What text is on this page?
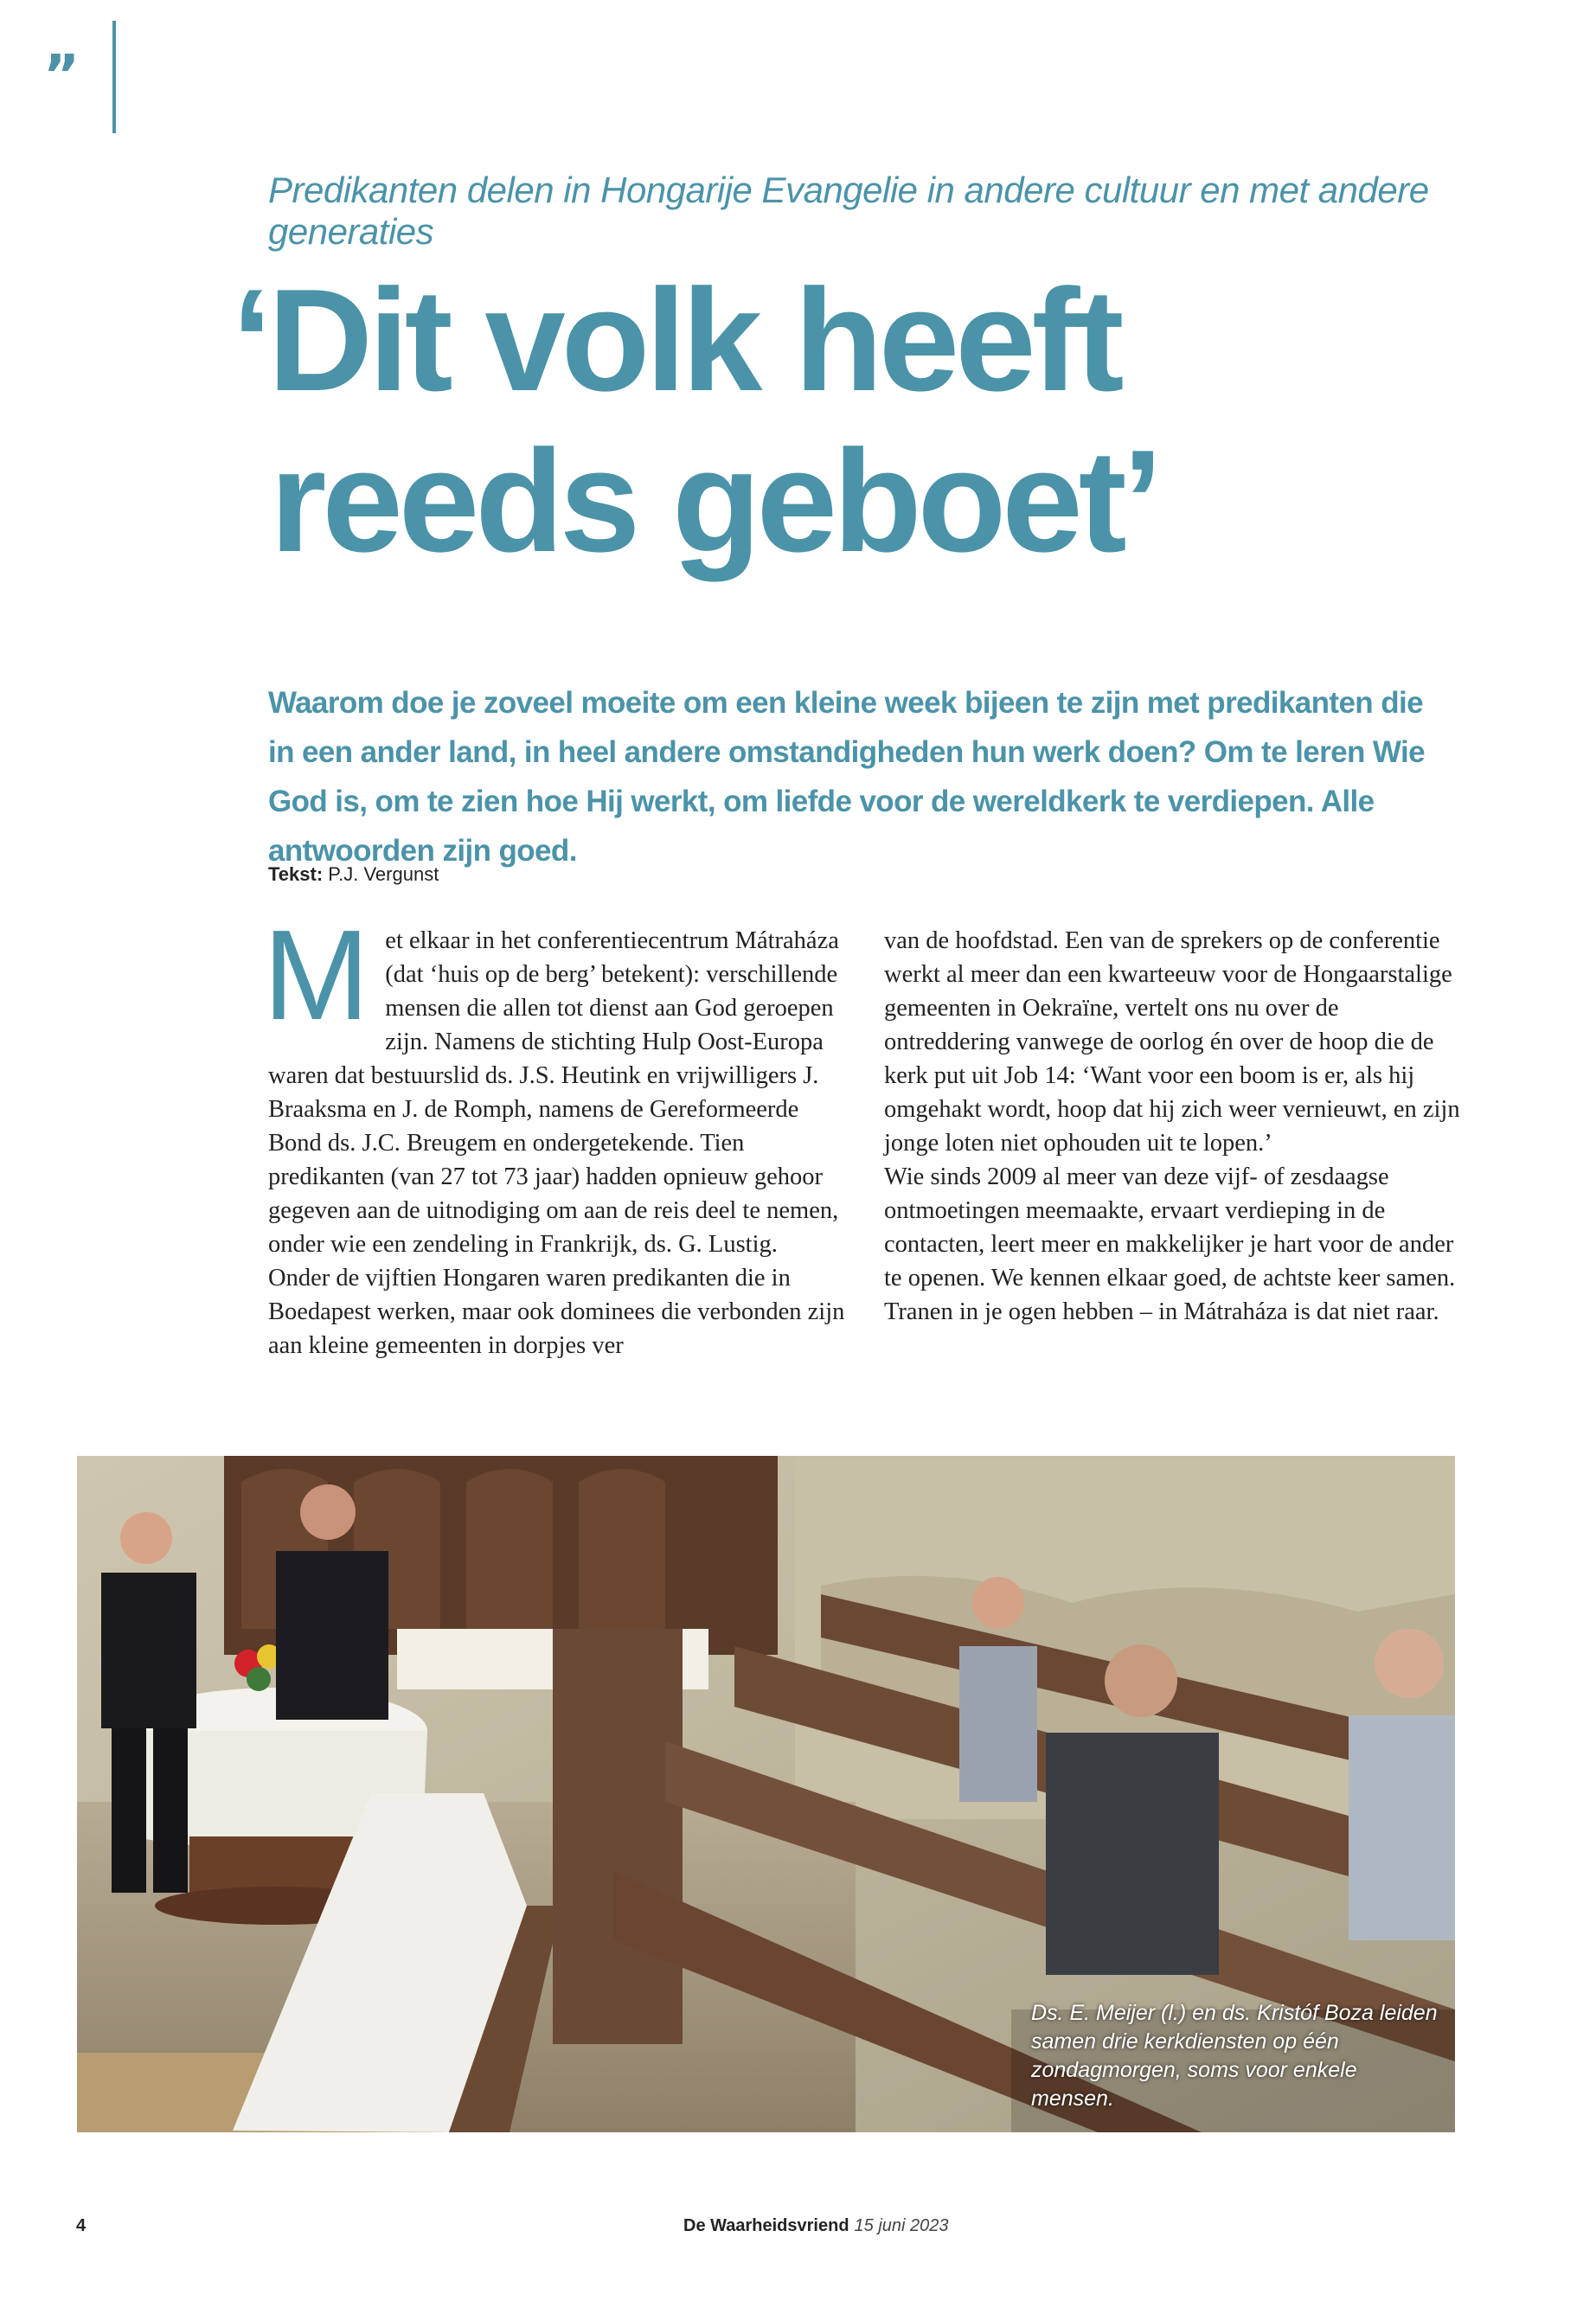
”
Predikanten delen in Hongarije Evangelie in andere cultuur en met andere generaties
‘Dit volk heeft
reeds geboet’
Waarom doe je zoveel moeite om een kleine week bijeen te zijn met predikanten die in een ander land, in heel andere omstandigheden hun werk doen? Om te leren Wie God is, om te zien hoe Hij werkt, om liefde voor de wereldkerk te verdiepen. Alle antwoorden zijn goed.
Tekst: P.J. Vergunst

Met elkaar in het conferentiecentrum Mátraháza (dat ‘huis op de berg’ betekent): verschillende mensen die allen tot dienst aan God geroepen zijn. Namens de stichting Hulp Oost-Europa waren dat bestuurslid ds. J.S. Heutink en vrijwilligers J. Braaksma en J. de Romph, namens de Gereformeerde Bond ds. J.C. Breugem en ondergetekende. Tien predikanten (van 27 tot 73 jaar) hadden opnieuw gehoor gegeven aan de uitnodiging om aan de reis deel te nemen, onder wie een zendeling in Frankrijk, ds. G. Lustig.

Onder de vijftien Hongaren waren predikanten die in Boedapest werken, maar ook dominees die verbonden zijn aan kleine gemeenten in dorpjes ver

van de hoofdstad. Een van de sprekers op de conferentie werkt al meer dan een kwarteeuw voor de Hongaarstalige gemeenten in Oekraïne, vertelt ons nu over de ontreddering vanwege de oorlog én over de hoop die de kerk put uit Job 14: ‘Want voor een boom is er, als hij omgehakt wordt, hoop dat hij zich weer vernieuwt, en zijn jonge loten niet ophouden uit te lopen.’

Wie sinds 2009 al meer van deze vijf- of zesdaagse ontmoetingen meemaakte, ervaart verdieping in de contacten, leert meer en makkelijker je hart voor de ander te openen. We kennen elkaar goed, de achtste keer samen. Tranen in je ogen hebben – in Mátraháza is dat niet raar.

Ds. E. Meijer (l.) en ds. Kristóf Boza leiden samen drie kerkdiensten op één zondagmorgen, soms voor enkele mensen.
4	De Waarheidsvriend 15 juni 2023
